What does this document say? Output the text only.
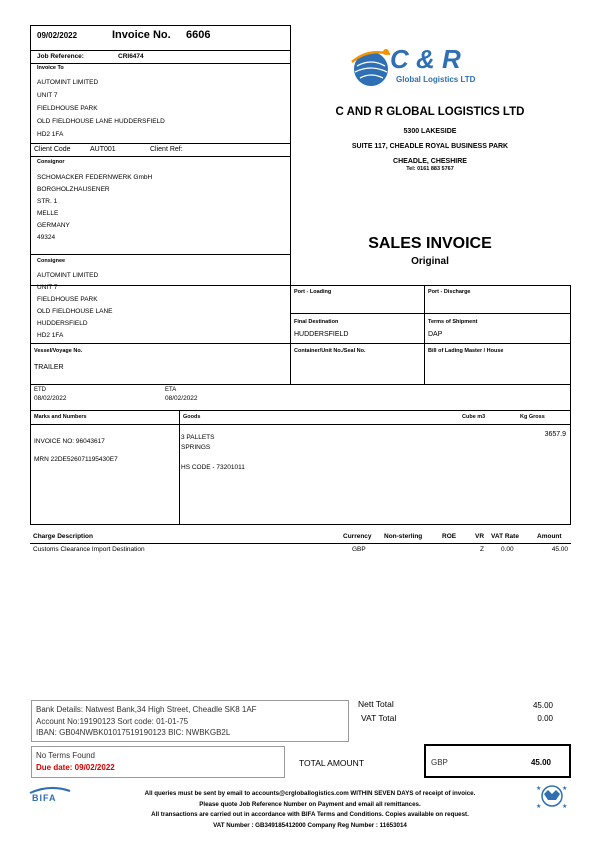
09/02/2022	Invoice No. 6606
Job Reference:	CRI6474
Invoice To
AUTOMINT LIMITED
UNIT 7
FIELDHOUSE PARK
OLD FIELDHOUSE LANE HUDDERSFIELD
HD2 1FA
Client Code	AUT001	Client Ref:
Consignor
SCHOMACKER FEDERNWERK GmbH
BORGHOLZHAUSENER
STR. 1
MELLE
GERMANY
49324
Consignee
AUTOMINT LIMITED
UNIT 7
FIELDHOUSE PARK
OLD FIELDHOUSE LANE
HUDDERSFIELD
HD2 1FA
C & R
Global Logistics LTD
C AND R GLOBAL LOGISTICS LTD
5300 LAKESIDE
SUITE 117, CHEADLE ROYAL BUSINESS PARK
CHEADLE, CHESHIRE
Tel: 0161 883 5767
SALES INVOICE
Original
Port - Loading	Port - Discharge
Final Destination
HUDDERSFIELD
Terms of Shipment
DAP
Vessel/Voyage No.
TRAILER
Container/Unit No./Seal No.	Bill of Lading Master / House
ETD
08/02/2022
ETA
08/02/2022
Marks and Numbers	Goods	Cube m3	Kg Gross
INVOICE NO: 96043617
MRN 22DE526071195430E7
3 PALLETS
SPRINGS
HS CODE - 73201011
3657.9
Charge Description	Currency Non-sterling	ROE	VR VAT Rate	Amount
Customs Clearance Import Destination	GBP	Z	0.00	45.00
Bank Details: Natwest Bank,34 High Street, Cheadle SK8 1AF
Account No:19190123 Sort code: 01-01-75
IBAN: GB04NWBK01017519190123 BIC: NWBKGB2L
Nett Total	45.00
VAT Total	0.00
No Terms Found
Due date: 09/02/2022	TOTAL AMOUNT	GBP	45.00
BIFA	All queries must be sent by email to accounts@crgloballogistics.com WITHIN SEVEN DAYS of receipt of invoice.
Please quote Job Reference Number on Payment and email all remittances.
All transactions are carried out in accordance with BIFA Terms and Conditions. Copies available on request.
VAT Number : GB349185412000 Company Reg Number : 11653014
★	★
★	★
